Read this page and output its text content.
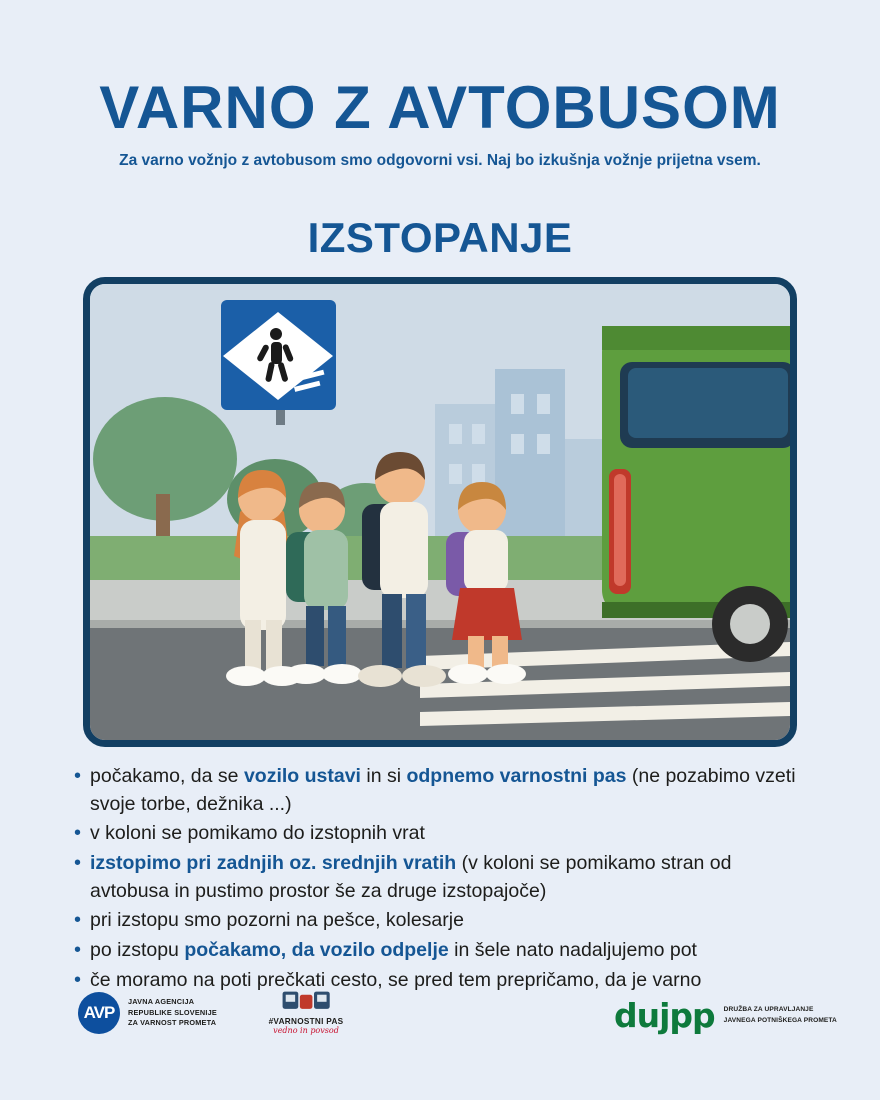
VARNO Z AVTOBUSOM

Za varno vožnjo z avtobusom smo odgovorni vsi. Naj bo izkušnja vožnje prijetna vsem.

IZSTOPANJE
• počakamo, da se vozilo ustavi in si odpnemo varnostni pas (ne pozabimo vzeti svoje torbe, dežnika ...)
• v koloni se pomikamo do izstopnih vrat
• izstopimo pri zadnjih oz. srednjih vratih (v koloni se pomikamo stran od avtobusa in pustimo prostor še za druge izstopajoče)
• pri izstopu smo pozorni na pešce, kolesarje
• po izstopu počakamo, da vozilo odpelje in šele nato nadaljujemo pot
• če moramo na poti prečkati cesto, se pred tem prepričamo, da je varno
AVP
JAVNA AGENCIJA
REPUBLIKE SLOVENIJE
ZA VARNOST PROMETA	#VARNOSTNI PAS
vedno in povsod	dujpp DRUŽBA ZA UPRAVLJANJE
JAVNEGA POTNIŠKEGA PROMETA
